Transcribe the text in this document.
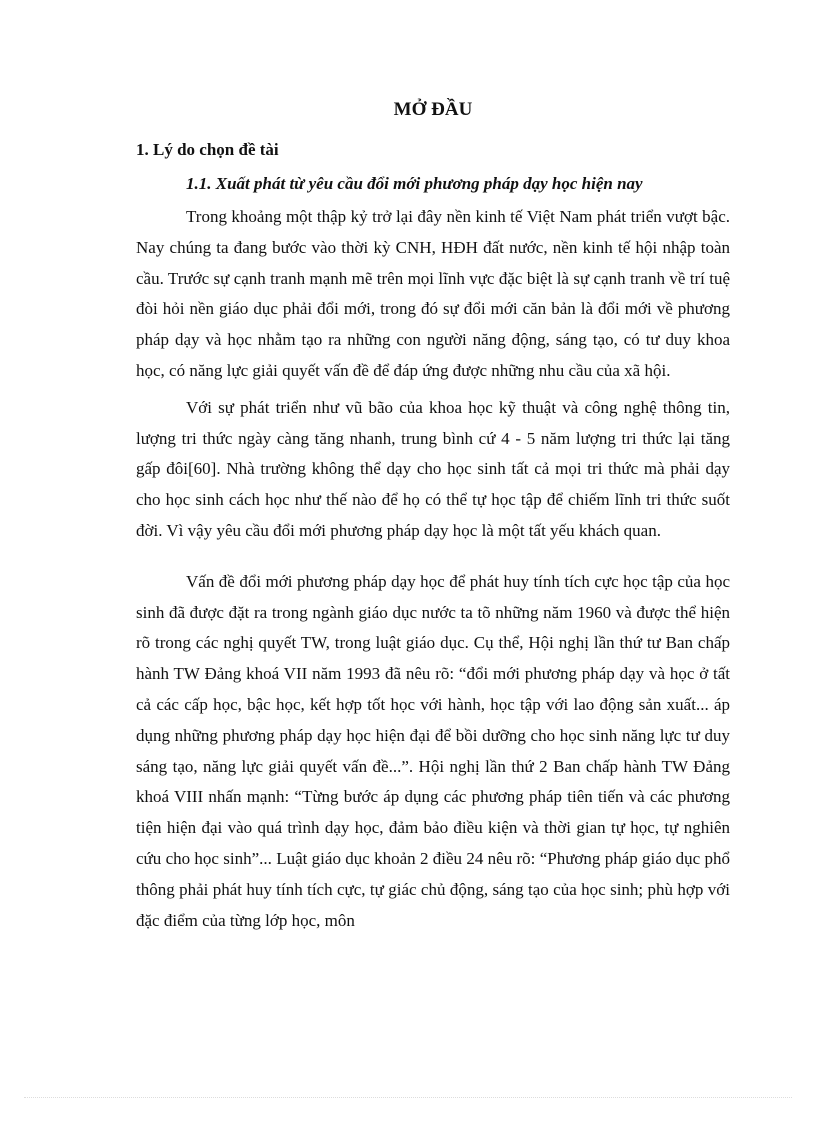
MỞ ĐẦU
1. Lý do chọn đề tài
1.1. Xuất phát từ yêu cầu đổi mới phương pháp dạy học hiện nay

Trong khoảng một thập kỷ trở lại đây nền kinh tế Việt Nam phát triển vượt bậc. Nay chúng ta đang bước vào thời kỳ CNH, HĐH đất nước, nền kinh tế hội nhập toàn cầu. Trước sự cạnh tranh mạnh mẽ trên mọi lĩnh vực đặc biệt là sự cạnh tranh về trí tuệ đòi hỏi nền giáo dục phải đổi mới, trong đó sự đổi mới căn bản là đổi mới về phương pháp dạy và học nhằm tạo ra những con người năng động, sáng tạo, có tư duy khoa học, có năng lực giải quyết vấn đề để đáp ứng được những nhu cầu của xã hội.

Với sự phát triển như vũ bão của khoa học kỹ thuật và công nghệ thông tin, lượng tri thức ngày càng tăng nhanh, trung bình cứ 4 - 5 năm lượng tri thức lại tăng gấp đôi[60]. Nhà trường không thể dạy cho học sinh tất cả mọi tri thức mà phải dạy cho học sinh cách học như thế nào để họ có thể tự học tập để chiếm lĩnh tri thức suốt đời. Vì vậy yêu cầu đổi mới phương pháp dạy học là một tất yếu khách quan.

Vấn đề đổi mới phương pháp dạy học để phát huy tính tích cực học tập của học sinh đã được đặt ra trong ngành giáo dục nước ta tõ những năm 1960 và được thể hiện rõ trong các nghị quyết TW, trong luật giáo dục. Cụ thể, Hội nghị lần thứ tư Ban chấp hành TW Đảng khoá VII năm 1993 đã nêu rõ: “đổi mới phương pháp dạy và học ở tất cả các cấp học, bậc học, kết hợp tốt học với hành, học tập với lao động sản xuất... áp dụng những phương pháp dạy học hiện đại để bồi dưỡng cho học sinh năng lực tư duy sáng tạo, năng lực giải quyết vấn đề...”. Hội nghị lần thứ 2 Ban chấp hành TW Đảng khoá VIII nhấn mạnh: “Từng bước áp dụng các phương pháp tiên tiến và các phương tiện hiện đại vào quá trình dạy học, đảm bảo điều kiện và thời gian tự học, tự nghiên cứu cho học sinh”... Luật giáo dục khoản 2 điều 24 nêu rõ: “Phương pháp giáo dục phổ thông phải phát huy tính tích cực, tự giác chủ động, sáng tạo của học sinh; phù hợp với đặc điểm của từng lớp học, môn
